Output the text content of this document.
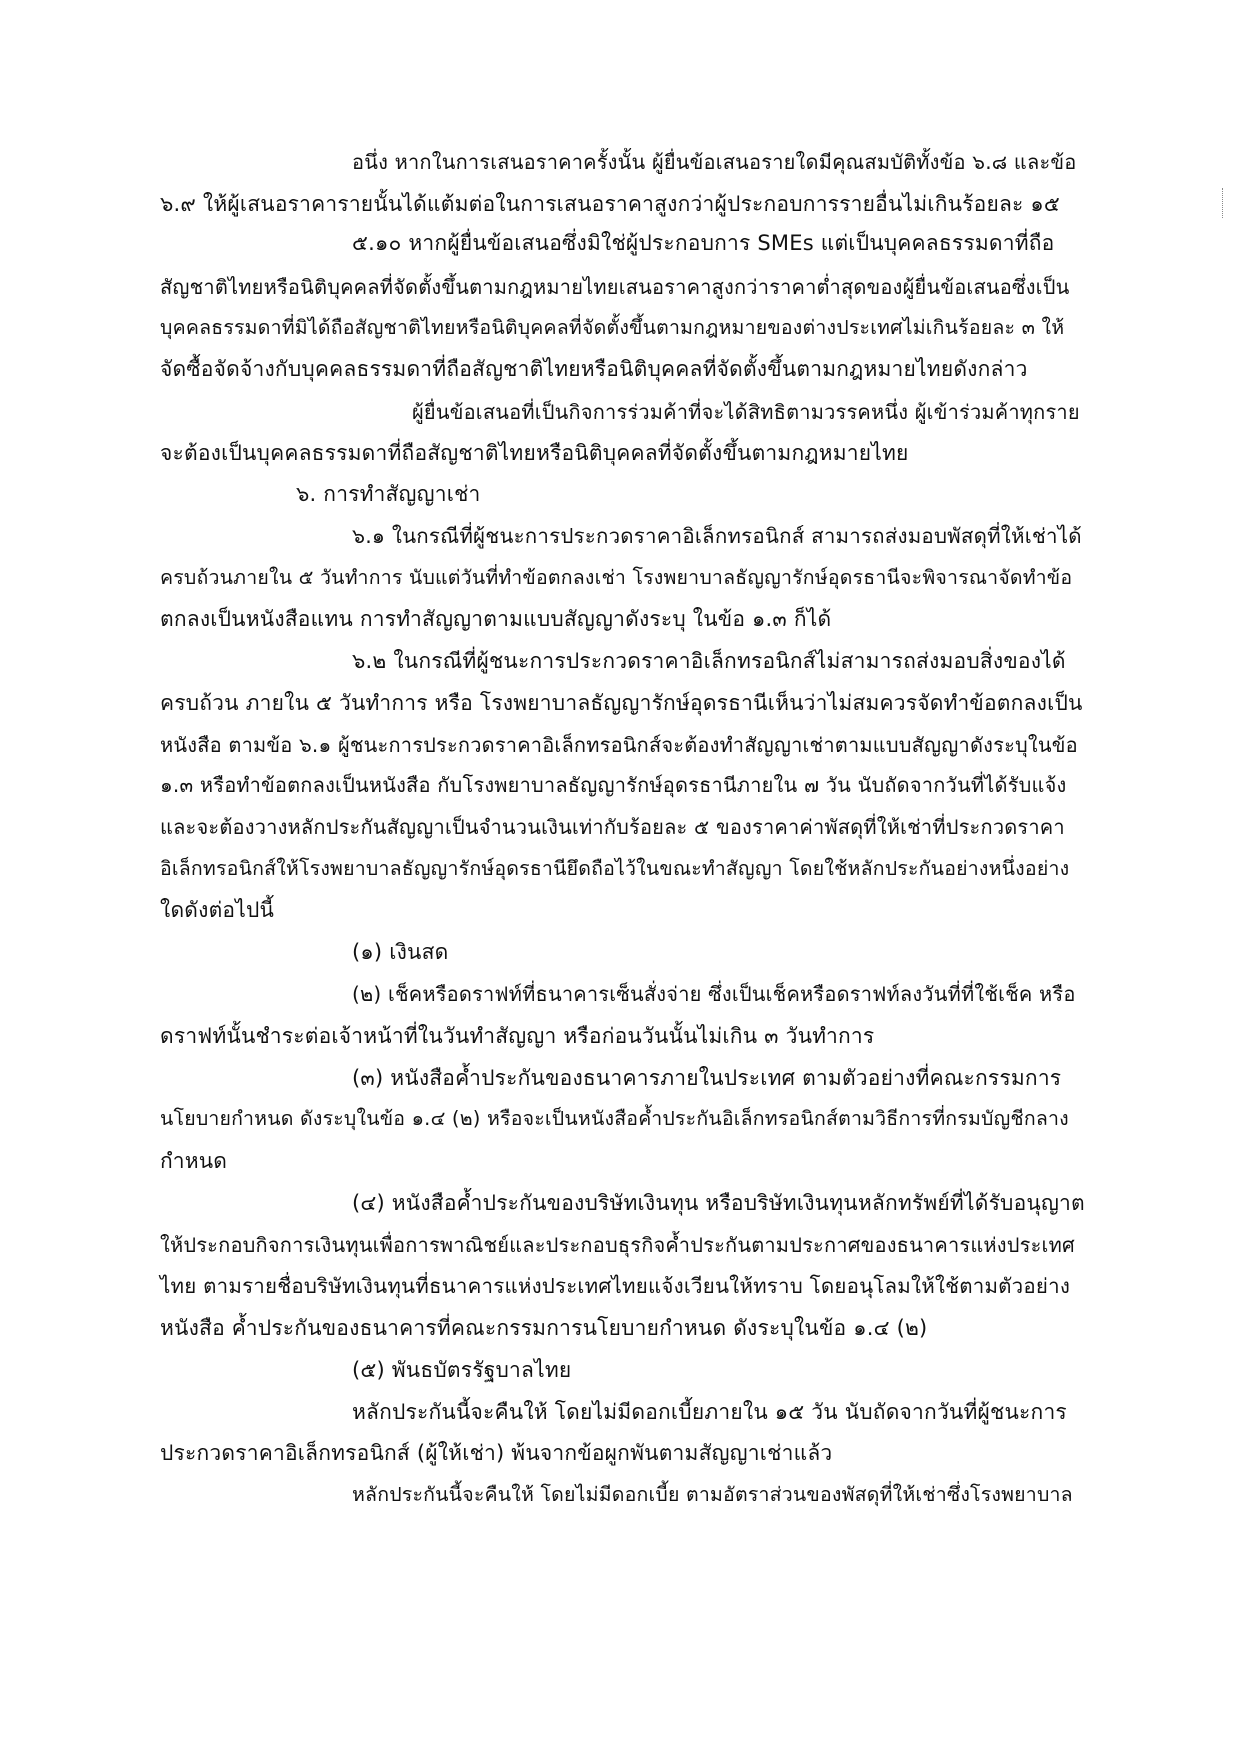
อนึ่ง หากในการเสนอราคาครั้งนั้น ผู้ยื่นข้อเสนอรายใดมีคุณสมบัติทั้งข้อ ๖.๘ และข้อ
๖.๙ ให้ผู้เสนอราคารายนั้นได้แต้มต่อในการเสนอราคาสูงกว่าผู้ประกอบการรายอื่นไม่เกินร้อยละ ๑๕
๕.๑๐ หากผู้ยื่นข้อเสนอซึ่งมิใช่ผู้ประกอบการ SMEs แต่เป็นบุคคลธรรมดาที่ถือ
สัญชาติไทยหรือนิติบุคคลที่จัดตั้งขึ้นตามกฎหมายไทยเสนอราคาสูงกว่าราคาต่ำสุดของผู้ยื่นข้อเสนอซึ่งเป็น
บุคคลธรรมดาที่มิได้ถือสัญชาติไทยหรือนิติบุคคลที่จัดตั้งขึ้นตามกฎหมายของต่างประเทศไม่เกินร้อยละ ๓ ให้
จัดซื้อจัดจ้างกับบุคคลธรรมดาที่ถือสัญชาติไทยหรือนิติบุคคลที่จัดตั้งขึ้นตามกฎหมายไทยดังกล่าว
ผู้ยื่นข้อเสนอที่เป็นกิจการร่วมค้าที่จะได้สิทธิตามวรรคหนึ่ง ผู้เข้าร่วมค้าทุกราย
จะต้องเป็นบุคคลธรรมดาที่ถือสัญชาติไทยหรือนิติบุคคลที่จัดตั้งขึ้นตามกฎหมายไทย
๖. การทำสัญญาเช่า
๖.๑ ในกรณีที่ผู้ชนะการประกวดราคาอิเล็กทรอนิกส์ สามารถส่งมอบพัสดุที่ให้เช่าได้
ครบถ้วนภายใน ๕ วันทำการ นับแต่วันที่ทำข้อตกลงเช่า โรงพยาบาลธัญญารักษ์อุดรธานีจะพิจารณาจัดทำข้อ
ตกลงเป็นหนังสือแทน การทำสัญญาตามแบบสัญญาดังระบุ ในข้อ ๑.๓ ก็ได้
๖.๒ ในกรณีที่ผู้ชนะการประกวดราคาอิเล็กทรอนิกส์ไม่สามารถส่งมอบสิ่งของได้
ครบถ้วน ภายใน ๕ วันทำการ หรือ โรงพยาบาลธัญญารักษ์อุดรธานีเห็นว่าไม่สมควรจัดทำข้อตกลงเป็น
หนังสือ ตามข้อ ๖.๑ ผู้ชนะการประกวดราคาอิเล็กทรอนิกส์จะต้องทำสัญญาเช่าตามแบบสัญญาดังระบุในข้อ
๑.๓ หรือทำข้อตกลงเป็นหนังสือ กับโรงพยาบาลธัญญารักษ์อุดรธานีภายใน ๗ วัน นับถัดจากวันที่ได้รับแจ้ง
และจะต้องวางหลักประกันสัญญาเป็นจำนวนเงินเท่ากับร้อยละ ๕ ของราคาค่าพัสดุที่ให้เช่าที่ประกวดราคา
อิเล็กทรอนิกส์ให้โรงพยาบาลธัญญารักษ์อุดรธานียึดถือไว้ในขณะทำสัญญา โดยใช้หลักประกันอย่างหนึ่งอย่าง
ใดดังต่อไปนี้
(๑) เงินสด
(๒) เช็คหรือดราฟท์ที่ธนาคารเซ็นสั่งจ่าย ซึ่งเป็นเช็คหรือดราฟท์ลงวันที่ที่ใช้เช็ค หรือ
ดราฟท์นั้นชำระต่อเจ้าหน้าที่ในวันทำสัญญา หรือก่อนวันนั้นไม่เกิน ๓ วันทำการ
(๓) หนังสือค้ำประกันของธนาคารภายในประเทศ ตามตัวอย่างที่คณะกรรมการ
นโยบายกำหนด ดังระบุในข้อ ๑.๔ (๒) หรือจะเป็นหนังสือค้ำประกันอิเล็กทรอนิกส์ตามวิธีการที่กรมบัญชีกลาง
กำหนด
(๔) หนังสือค้ำประกันของบริษัทเงินทุน หรือบริษัทเงินทุนหลักทรัพย์ที่ได้รับอนุญาต
ให้ประกอบกิจการเงินทุนเพื่อการพาณิชย์และประกอบธุรกิจค้ำประกันตามประกาศของธนาคารแห่งประเทศ
ไทย ตามรายชื่อบริษัทเงินทุนที่ธนาคารแห่งประเทศไทยแจ้งเวียนให้ทราบ โดยอนุโลมให้ใช้ตามตัวอย่าง
หนังสือ ค้ำประกันของธนาคารที่คณะกรรมการนโยบายกำหนด ดังระบุในข้อ ๑.๔ (๒)
(๕) พันธบัตรรัฐบาลไทย
หลักประกันนี้จะคืนให้ โดยไม่มีดอกเบี้ยภายใน ๑๕ วัน นับถัดจากวันที่ผู้ชนะการ
ประกวดราคาอิเล็กทรอนิกส์ (ผู้ให้เช่า) พ้นจากข้อผูกพันตามสัญญาเช่าแล้ว
หลักประกันนี้จะคืนให้ โดยไม่มีดอกเบี้ย ตามอัตราส่วนของพัสดุที่ให้เช่าซึ่งโรงพยาบาล
